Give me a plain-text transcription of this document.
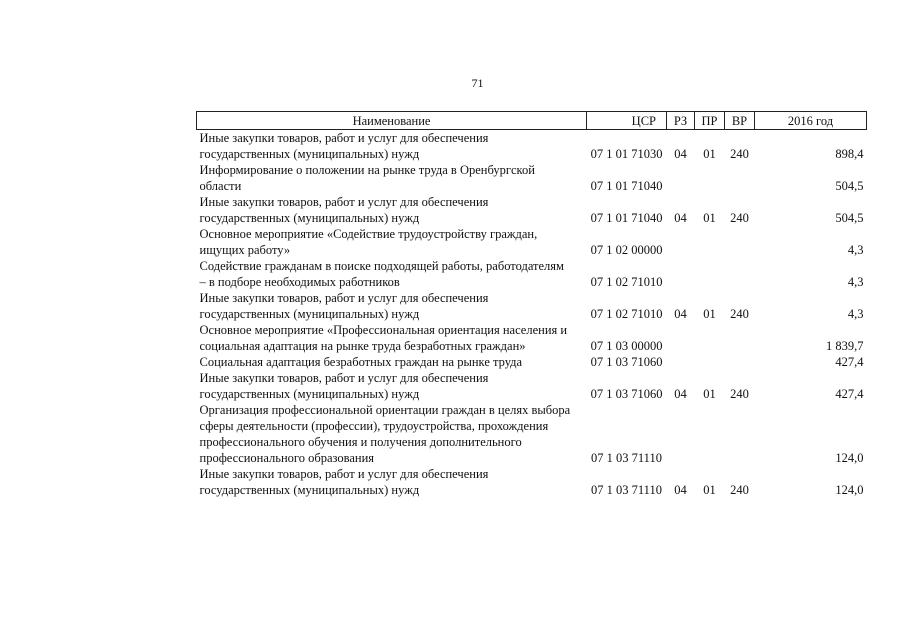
71
Наименование	ЦСР	РЗ	ПР	ВР	2016 год
Иные закупки товаров, работ и услуг для обеспечения
государственных (муниципальных) нужд	07 1 01 71030	04	01	240	898,4
Информирование о положении на рынке труда в Оренбургской
области	07 1 01 71040				504,5
Иные закупки товаров, работ и услуг для обеспечения
государственных (муниципальных) нужд	07 1 01 71040	04	01	240	504,5
Основное мероприятие «Содействие трудоустройству граждан,
ищущих работу»	07 1 02 00000				4,3
Содействие гражданам в поиске подходящей работы, работодателям
– в подборе необходимых работников	07 1 02 71010				4,3
Иные закупки товаров, работ и услуг для обеспечения
государственных (муниципальных) нужд	07 1 02 71010	04	01	240	4,3
Основное мероприятие «Профессиональная ориентация населения и
социальная адаптация на рынке труда безработных граждан»	07 1 03 00000				1 839,7
Социальная адаптация безработных граждан на рынке труда	07 1 03 71060				427,4
Иные закупки товаров, работ и услуг для обеспечения
государственных (муниципальных) нужд	07 1 03 71060	04	01	240	427,4
Организация профессиональной ориентации граждан в целях выбора
сферы деятельности (профессии), трудоустройства, прохождения
профессионального обучения и получения дополнительного
профессионального образования	07 1 03 71110				124,0
Иные закупки товаров, работ и услуг для обеспечения
государственных (муниципальных) нужд	07 1 03 71110	04	01	240	124,0
